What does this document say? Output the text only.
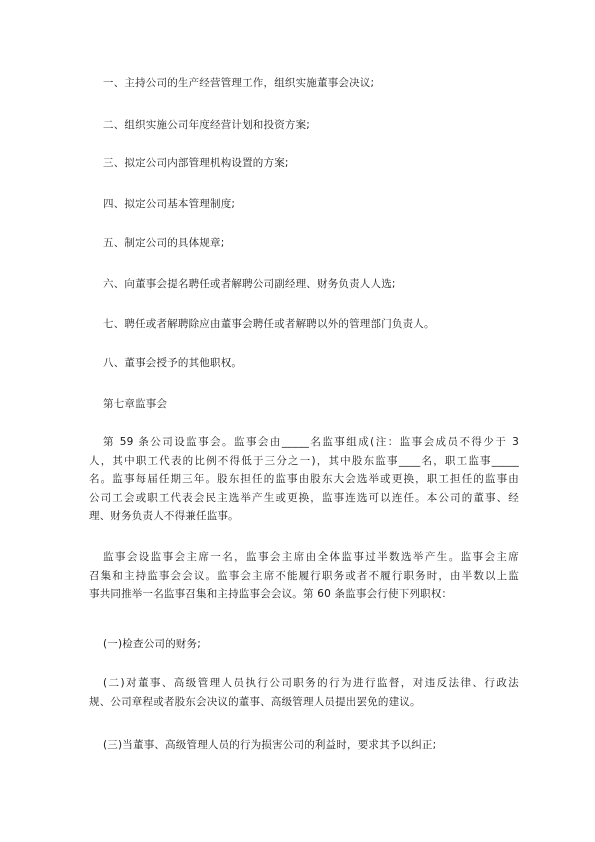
一、主持公司的生产经营管理工作，组织实施董事会决议;
二、组织实施公司年度经营计划和投资方案;
三、拟定公司内部管理机构设置的方案;
四、拟定公司基本管理制度;
五、制定公司的具体规章;
六、向董事会提名聘任或者解聘公司副经理、财务负责人人选;
七、聘任或者解聘除应由董事会聘任或者解聘以外的管理部门负责人。
八、董事会授予的其他职权。
第七章监事会
第 59 条公司设监事会。监事会由_____名监事组成(注：监事会成员不得少于 3
人，其中职工代表的比例不得低于三分之一)，其中股东监事____名，职工监事_____
名。监事每届任期三年。股东担任的监事由股东大会选举或更换，职工担任的监事由
公司工会或职工代表会民主选举产生或更换，监事连选可以连任。本公司的董事、经
理、财务负责人不得兼任监事。
监事会设监事会主席一名，监事会主席由全体监事过半数选举产生。监事会主席
召集和主持监事会会议。监事会主席不能履行职务或者不履行职务时，由半数以上监
事共同推举一名监事召集和主持监事会会议。第 60 条监事会行使下列职权：
(一)检查公司的财务;
(二)对董事、高级管理人员执行公司职务的行为进行监督，对违反法律、行政法
规、公司章程或者股东会决议的董事、高级管理人员提出罢免的建议。
(三)当董事、高级管理人员的行为损害公司的利益时，要求其予以纠正;
